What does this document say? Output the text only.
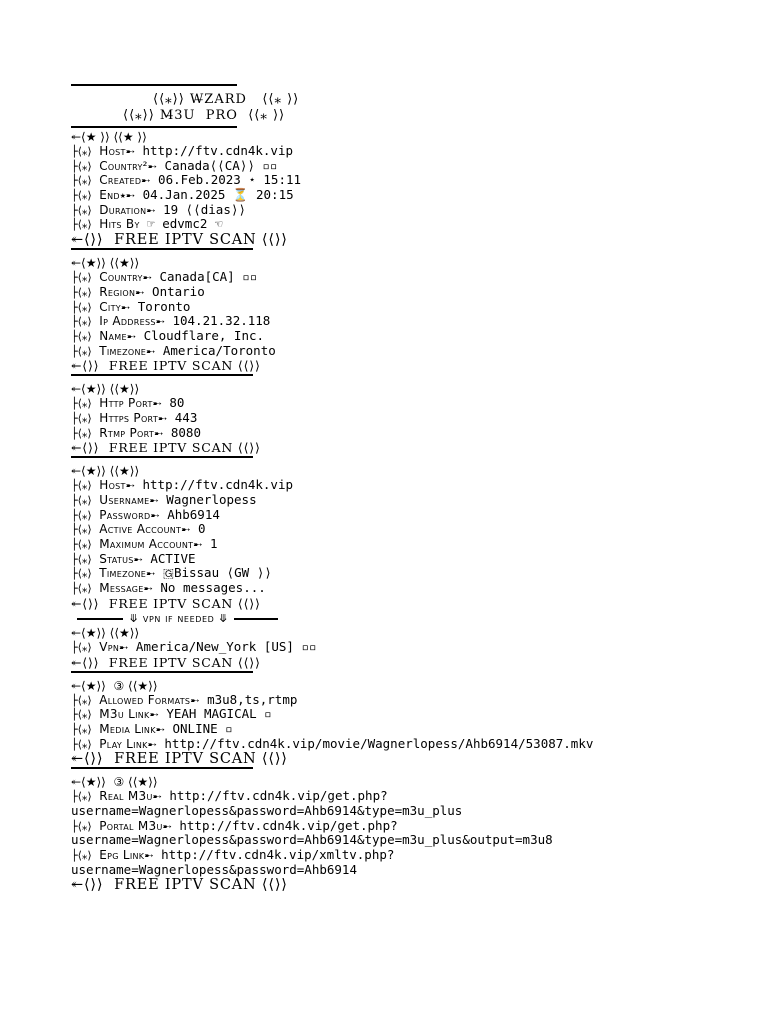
⟨⟨⁎⟩⟩ W̶ZARD ⟨⟨⁎ ⟩⟩
⟨⟨⁎⟩⟩ M̶3U PRO ⟨⟨⁎ ⟩⟩
↞⟨★ ⟩⟩ ⟨⟨★ ⟩⟩
├⟨⁎⟩ Host➸ http://ftv.cdn4k.vip
├⟨⁎⟩ Country²➸ Canada⟨⟨CA⟩⟩ ▫▫
├⟨⁎⟩ Created➸ 06.Feb.2023 ⋆ 15:11
├⟨⁎⟩ End⭑➸ 04.Jan.2025 ⏳ 20:15
├⟨⁎⟩ Duration➸ 19 ⟨⟨dias⟩⟩
├⟨⁎⟩ Hits By ☞ edvmc2 ☜
↞⟨⟩⟩  FREE IPTV SCAN ⟨⟨⟩⟩
↞⟨★⟩⟩ ⟨⟨★⟩⟩
├⟨⁎⟩ Country➸ Canada[CA] ▫▫
├⟨⁎⟩ Region➸ Ontario
├⟨⁎⟩ City➸ Toronto
├⟨⁎⟩ Ip Address➸ 104.21.32.118
├⟨⁎⟩ Name➸ Cloudflare, Inc.
├⟨⁎⟩ Timezone➸ America/Toronto
↞⟨⟩⟩  FREE IPTV SCAN ⟨⟨⟩⟩
↞⟨★⟩⟩ ⟨⟨★⟩⟩
├⟨⁎⟩ Http Port➸ 80
├⟨⁎⟩ Https Port➸ 443
├⟨⁎⟩ Rtmp Port➸ 8080
↞⟨⟩⟩  FREE IPTV SCAN ⟨⟨⟩⟩
↞⟨★⟩⟩ ⟨⟨★⟩⟩
├⟨⁎⟩ Host➸ http://ftv.cdn4k.vip
├⟨⁎⟩ Username➸ Wagnerlopess
├⟨⁎⟩ Password➸ Ahb6914
├⟨⁎⟩ Active Account➸ 0
├⟨⁎⟩ Maximum Account➸ 1
├⟨⁎⟩ Status➸ ACTIVE
├⟨⁎⟩ Timezone➸ 🇬Bissau ⟨GW ⟩⟩
├⟨⁎⟩ Message➸ No messages...
↞⟨⟩⟩  FREE IPTV SCAN ⟨⟨⟩⟩
⤋ vpn if needed ⤋
↞⟨★⟩⟩ ⟨⟨★⟩⟩
├⟨⁎⟩ Vpn➸ America/New_York [US] ▫▫
↞⟨⟩⟩  FREE IPTV SCAN ⟨⟨⟩⟩
↞⟨★⟩⟩  ③ ⟨⟨★⟩⟩
├⟨⁎⟩ Allowed Formats➸ m3u8,ts,rtmp
├⟨⁎⟩ M3u Link➸ YEAH MAGICAL ▫
├⟨⁎⟩ Media Link➸ ONLINE ▫
├⟨⁎⟩ Play Link➸ http://ftv.cdn4k.vip/movie/Wagnerlopess/Ahb6914/53087.mkv
↞⟨⟩⟩  FREE IPTV SCAN ⟨⟨⟩⟩
↞⟨★⟩⟩  ③ ⟨⟨★⟩⟩
├⟨⁎⟩ Real M3u➸ http://ftv.cdn4k.vip/get.php?
username=Wagnerlopess&password=Ahb6914&type=m3u_plus
├⟨⁎⟩ Portal M3u➸ http://ftv.cdn4k.vip/get.php?
username=Wagnerlopess&password=Ahb6914&type=m3u_plus&output=m3u8
├⟨⁎⟩ Epg Link➸ http://ftv.cdn4k.vip/xmltv.php?
username=Wagnerlopess&password=Ahb6914
↞⟨⟩⟩  FREE IPTV SCAN ⟨⟨⟩⟩
